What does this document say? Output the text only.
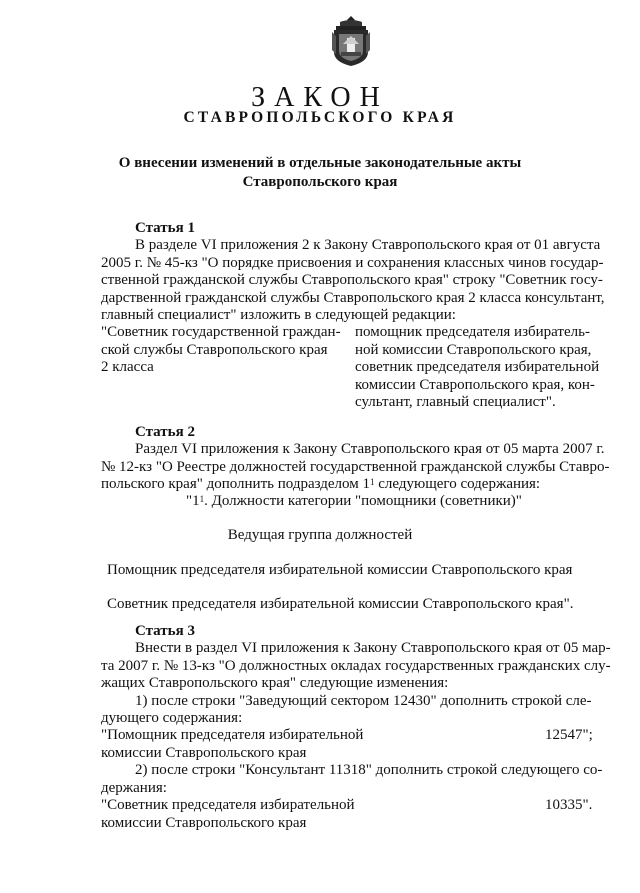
ЗАКОН
СТАВРОПОЛЬСКОГО КРАЯ
О внесении изменений в отдельные законодательные акты
Ставропольского края
Статья 1
В разделе VI приложения 2 к Закону Ставропольского края от 01 августа
2005 г. № 45-кз "О порядке присвоения и сохранения классных чинов государ-
ственной гражданской службы Ставропольского края" строку "Советник госу-
дарственной гражданской службы Ставропольского края 2 класса консультант,
главный специалист" изложить в следующей редакции:
"Советник государственной граждан-
ской службы Ставропольского края
2 класса
помощник председателя избиратель-
ной комиссии Ставропольского края,
советник председателя избирательной
комиссии Ставропольского края, кон-
сультант, главный специалист".
Статья 2
Раздел VI приложения к Закону Ставропольского края от 05 марта 2007 г.
№ 12-кз "О Реестре должностей государственной гражданской службы Ставро-
польского края" дополнить подразделом $1^1$ следующего содержания:
"$1^1$. Должности категории "помощники (советники)"
Ведущая группа должностей
Помощник председателя избирательной комиссии Ставропольского края
Советник председателя избирательной комиссии Ставропольского края".
Статья 3
Внести в раздел VI приложения к Закону Ставропольского края от 05 мар-
та 2007 г. № 13-кз "О должностных окладах государственных гражданских слу-
жащих Ставропольского края" следующие изменения:
1) после строки "Заведующий сектором 12430" дополнить строкой сле-
дующего содержания:
"Помощник председателя избирательной
комиссии Ставропольского края
12547";
2) после строки "Консультант 11318" дополнить строкой следующего со-
держания:
"Советник председателя избирательной
комиссии Ставропольского края
10335".
